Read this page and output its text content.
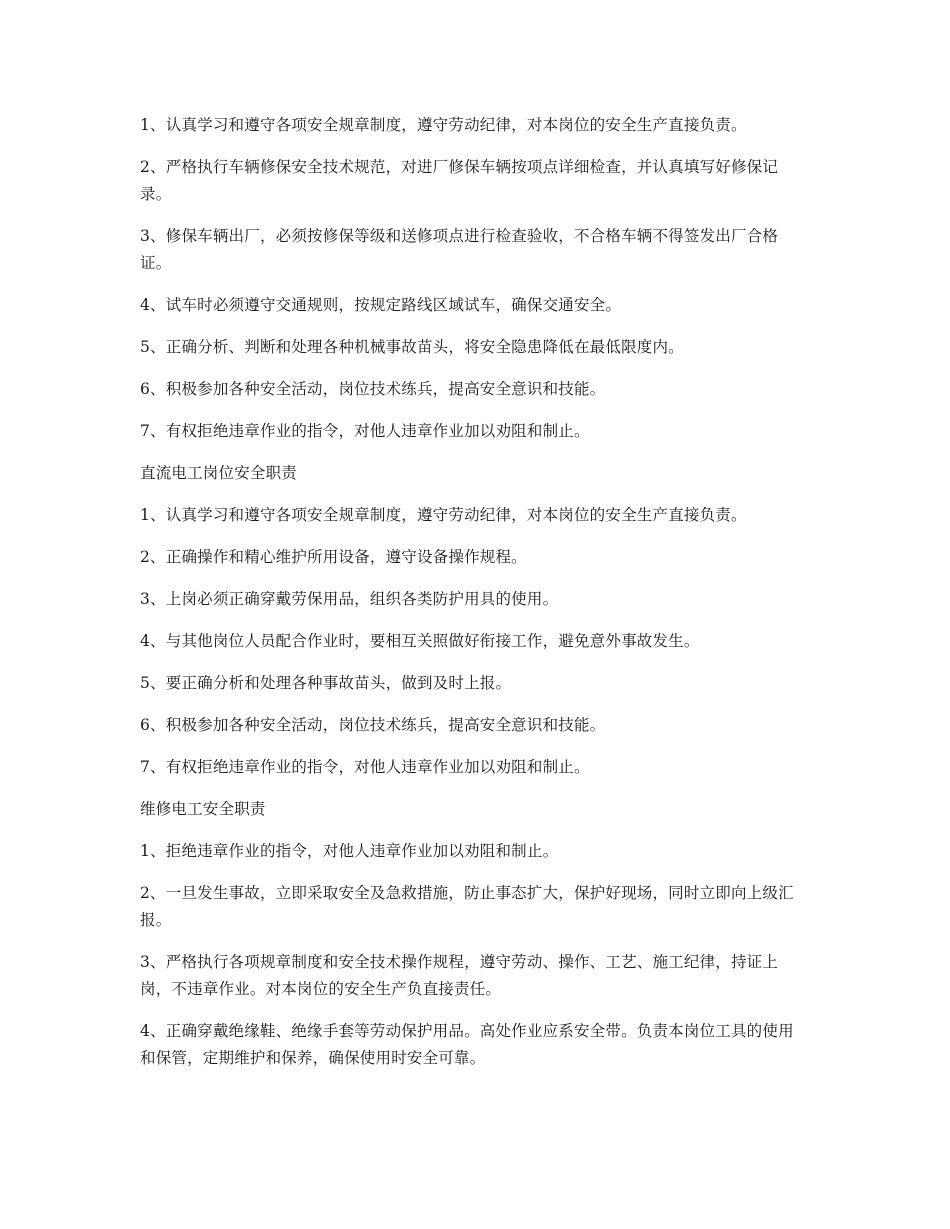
1、认真学习和遵守各项安全规章制度，遵守劳动纪律，对本岗位的安全生产直接负责。

2、严格执行车辆修保安全技术规范，对进厂修保车辆按项点详细检查，并认真填写好修保记录。

3、修保车辆出厂，必须按修保等级和送修项点进行检查验收，不合格车辆不得签发出厂合格证。

4、试车时必须遵守交通规则，按规定路线区域试车，确保交通安全。

5、正确分析、判断和处理各种机械事故苗头，将安全隐患降低在最低限度内。

6、积极参加各种安全活动，岗位技术练兵，提高安全意识和技能。

7、有权拒绝违章作业的指令，对他人违章作业加以劝阻和制止。

直流电工岗位安全职责

1、认真学习和遵守各项安全规章制度，遵守劳动纪律，对本岗位的安全生产直接负责。

2、正确操作和精心维护所用设备，遵守设备操作规程。

3、上岗必须正确穿戴劳保用品，组织各类防护用具的使用。

4、与其他岗位人员配合作业时，要相互关照做好衔接工作，避免意外事故发生。

5、要正确分析和处理各种事故苗头，做到及时上报。

6、积极参加各种安全活动，岗位技术练兵，提高安全意识和技能。

7、有权拒绝违章作业的指令，对他人违章作业加以劝阻和制止。

维修电工安全职责

1、拒绝违章作业的指令，对他人违章作业加以劝阻和制止。

2、一旦发生事故，立即采取安全及急救措施，防止事态扩大，保护好现场，同时立即向上级汇报。

3、严格执行各项规章制度和安全技术操作规程，遵守劳动、操作、工艺、施工纪律，持证上岗，不违章作业。对本岗位的安全生产负直接责任。

4、正确穿戴绝缘鞋、绝缘手套等劳动保护用品。高处作业应系安全带。负责本岗位工具的使用和保管，定期维护和保养，确保使用时安全可靠。
